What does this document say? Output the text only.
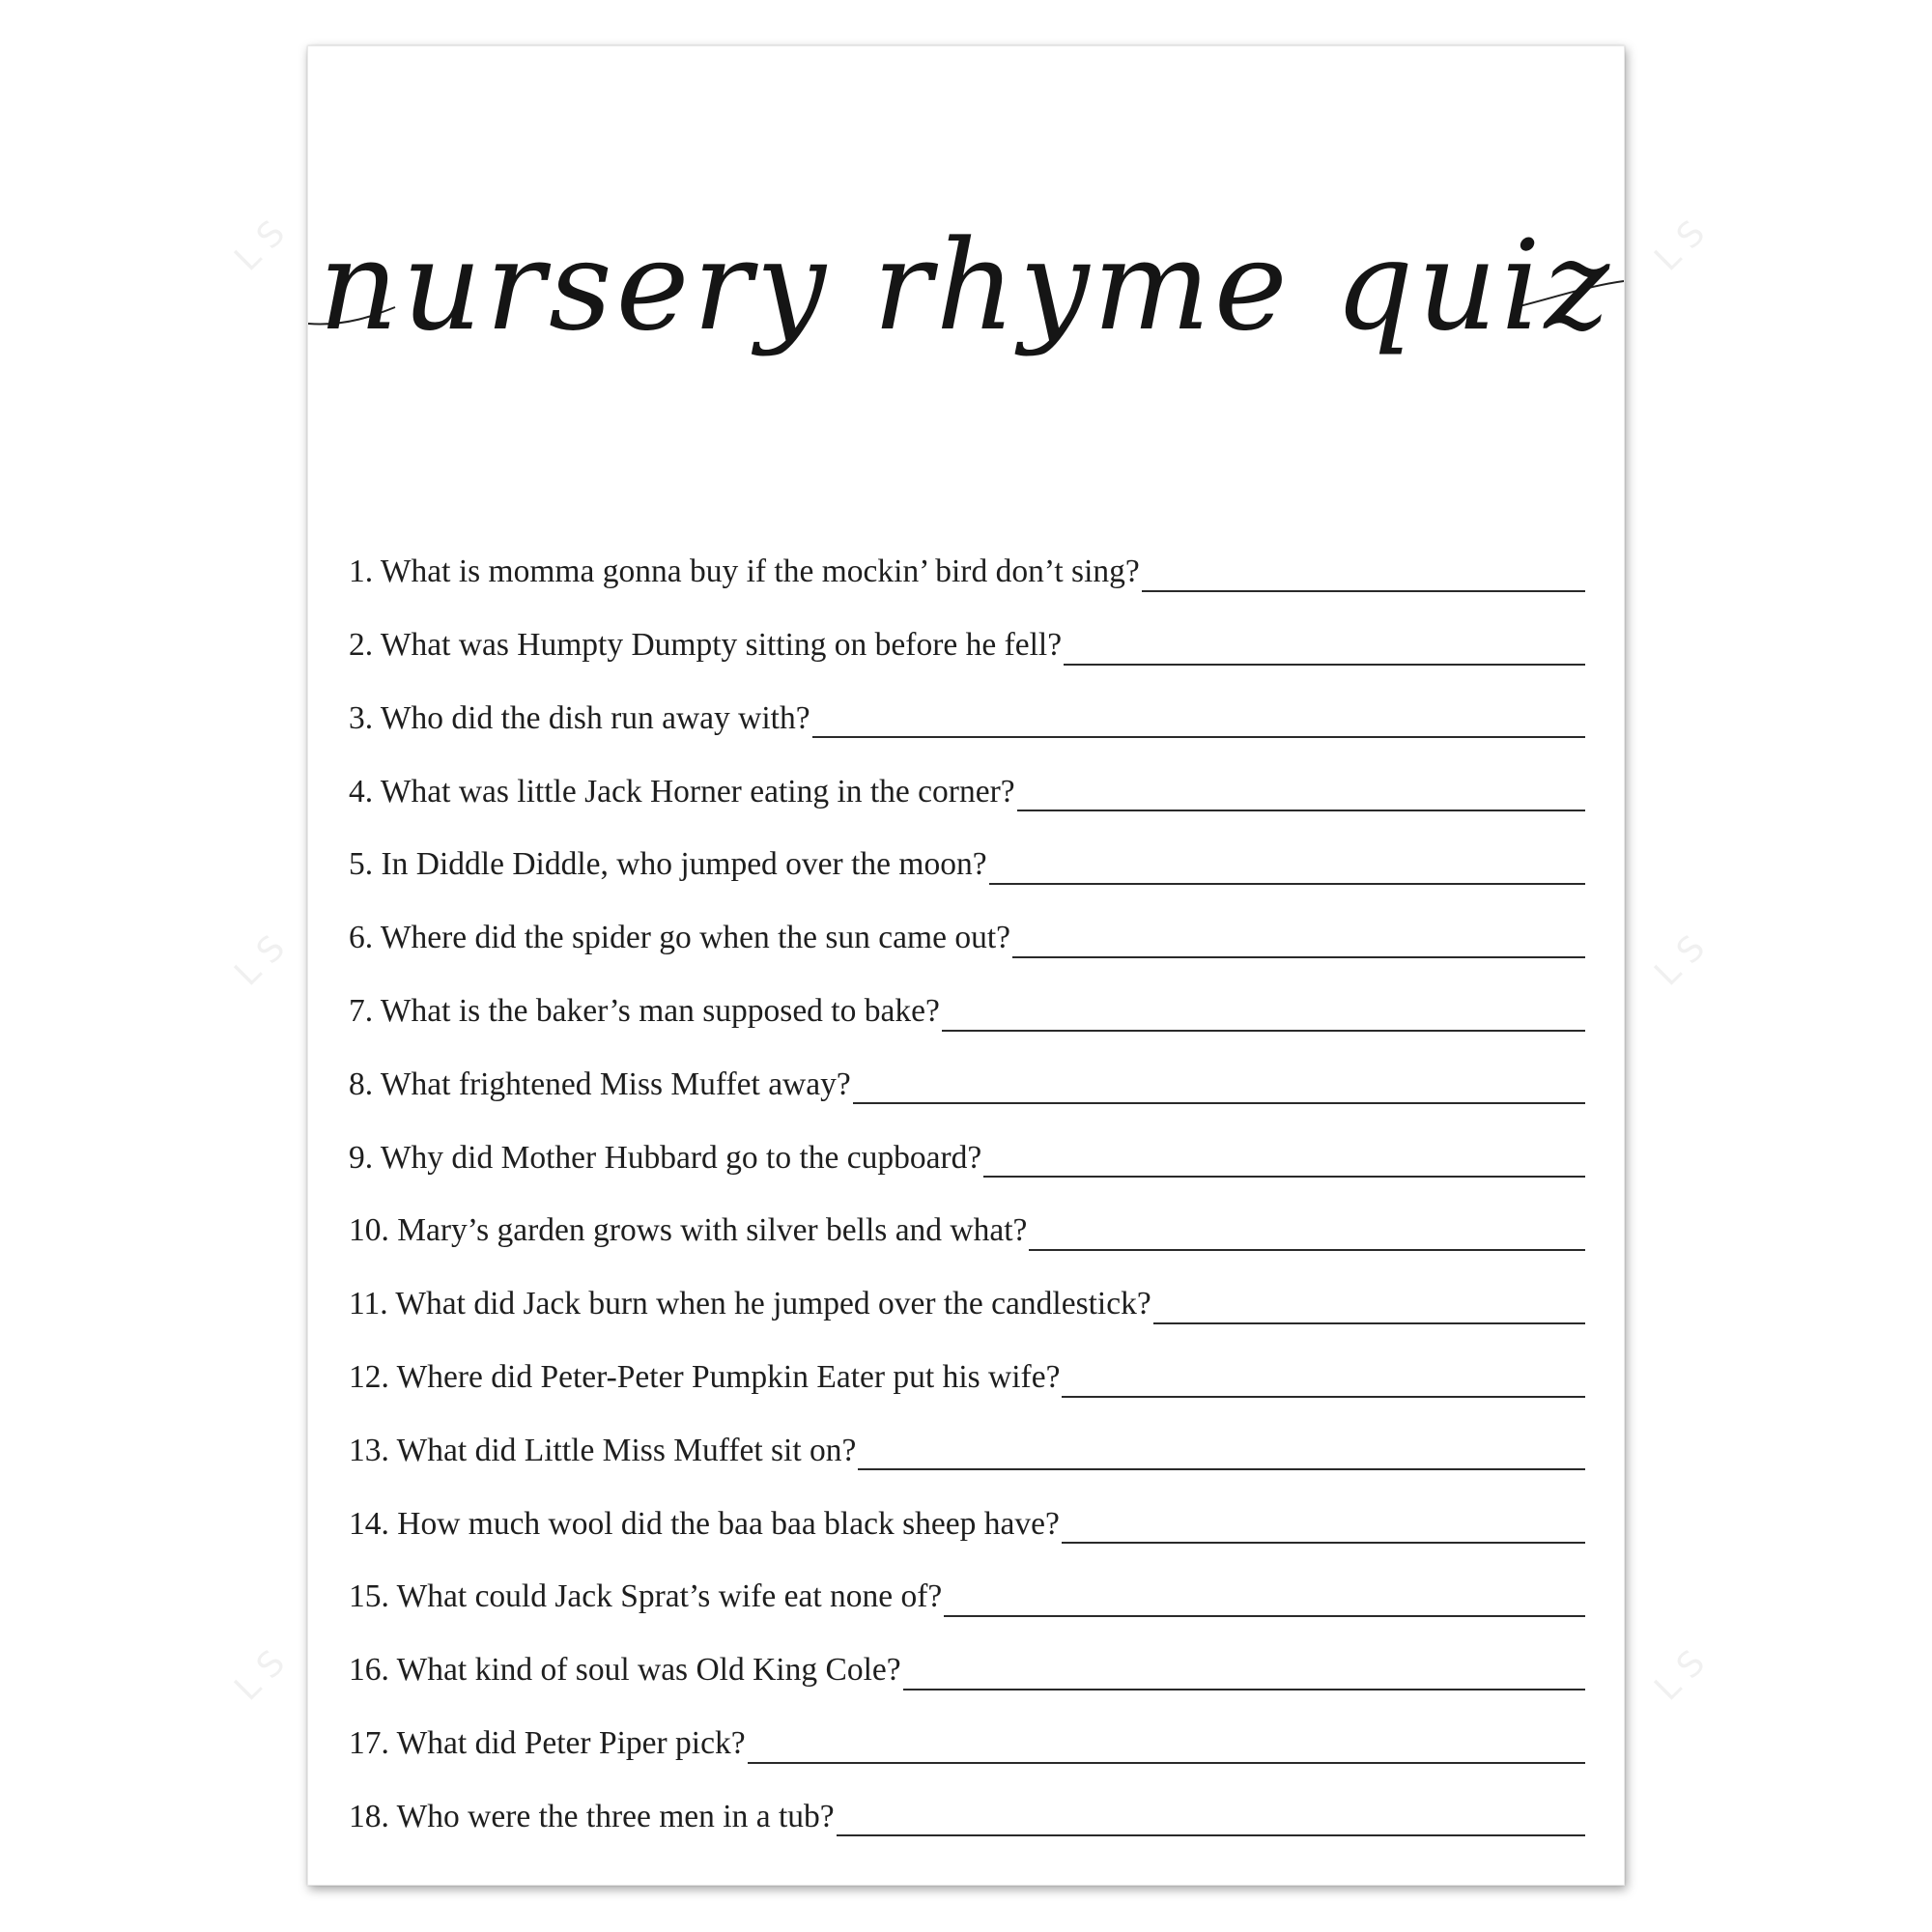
LS	LS
LS	LS
LS	LS
nursery rhyme quiz
1. What is momma gonna buy if the mockin’ bird don’t sing?
2. What was Humpty Dumpty sitting on before he fell?
3. Who did the dish run away with?
4. What was little Jack Horner eating in the corner?
5. In Diddle Diddle, who jumped over the moon?
6. Where did the spider go when the sun came out?
7. What is the baker’s man supposed to bake?
8. What frightened Miss Muffet away?
9. Why did Mother Hubbard go to the cupboard?
10. Mary’s garden grows with silver bells and what?
11. What did Jack burn when he jumped over the candlestick?
12. Where did Peter-Peter Pumpkin Eater put his wife?
13. What did Little Miss Muffet sit on?
14. How much wool did the baa baa black sheep have?
15. What could Jack Sprat’s wife eat none of?
16. What kind of soul was Old King Cole?
17. What did Peter Piper pick?
18. Who were the three men in a tub?
